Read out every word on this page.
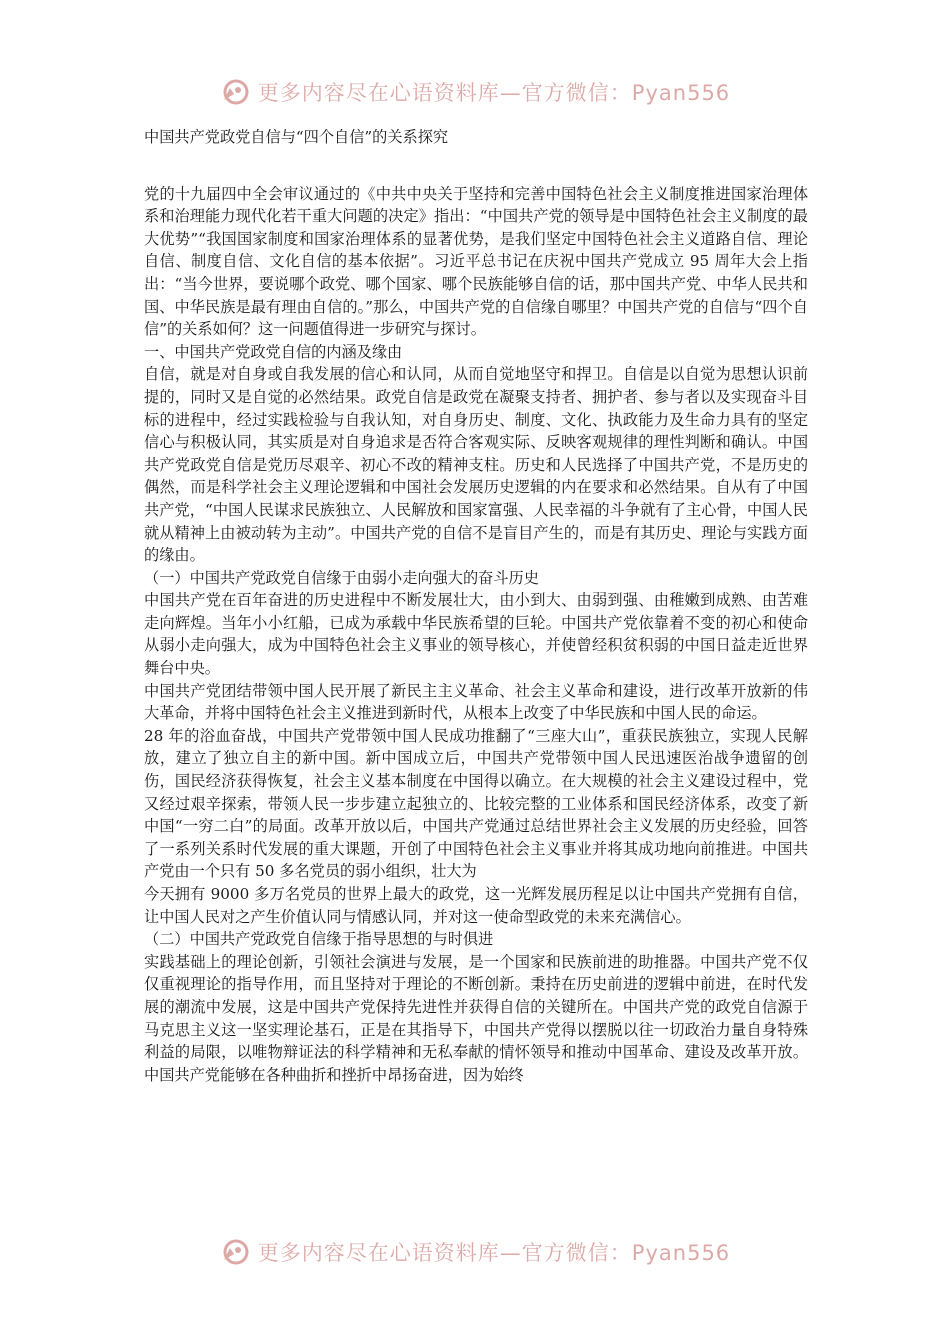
更多内容尽在心语资料库—官方微信：Pyan556

中国共产党政党自信与“四个自信”的关系探究

党的十九届四中全会审议通过的《中共中央关于坚持和完善中国特色社会主义制度推进国家治理体系和治理能力现代化若干重大问题的决定》指出：“中国共产党的领导是中国特色社会主义制度的最大优势”“我国国家制度和国家治理体系的显著优势，是我们坚定中国特色社会主义道路自信、理论自信、制度自信、文化自信的基本依据”。习近平总书记在庆祝中国共产党成立 95 周年大会上指出：“当今世界，要说哪个政党、哪个国家、哪个民族能够自信的话，那中国共产党、中华人民共和国、中华民族是最有理由自信的。”那么，中国共产党的自信缘自哪里？中国共产党的自信与“四个自信”的关系如何？这一问题值得进一步研究与探讨。

一、中国共产党政党自信的内涵及缘由

自信，就是对自身或自我发展的信心和认同，从而自觉地坚守和捍卫。自信是以自觉为思想认识前提的，同时又是自觉的必然结果。政党自信是政党在凝聚支持者、拥护者、参与者以及实现奋斗目标的进程中，经过实践检验与自我认知，对自身历史、制度、文化、执政能力及生命力具有的坚定信心与积极认同，其实质是对自身追求是否符合客观实际、反映客观规律的理性判断和确认。中国共产党政党自信是党历尽艰辛、初心不改的精神支柱。历史和人民选择了中国共产党，不是历史的偶然，而是科学社会主义理论逻辑和中国社会发展历史逻辑的内在要求和必然结果。自从有了中国共产党，“中国人民谋求民族独立、人民解放和国家富强、人民幸福的斗争就有了主心骨，中国人民就从精神上由被动转为主动”。中国共产党的自信不是盲目产生的，而是有其历史、理论与实践方面的缘由。

（一）中国共产党政党自信缘于由弱小走向强大的奋斗历史

中国共产党在百年奋进的历史进程中不断发展壮大，由小到大、由弱到强、由稚嫩到成熟、由苦难走向辉煌。当年小小红船，已成为承载中华民族希望的巨轮。中国共产党依靠着不变的初心和使命从弱小走向强大，成为中国特色社会主义事业的领导核心，并使曾经积贫积弱的中国日益走近世界舞台中央。

中国共产党团结带领中国人民开展了新民主主义革命、社会主义革命和建设，进行改革开放新的伟大革命，并将中国特色社会主义推进到新时代，从根本上改变了中华民族和中国人民的命运。

28 年的浴血奋战，中国共产党带领中国人民成功推翻了“三座大山”，重获民族独立，实现人民解放，建立了独立自主的新中国。新中国成立后，中国共产党带领中国人民迅速医治战争遗留的创伤，国民经济获得恢复，社会主义基本制度在中国得以确立。在大规模的社会主义建设过程中，党又经过艰辛探索，带领人民一步步建立起独立的、比较完整的工业体系和国民经济体系，改变了新中国“一穷二白”的局面。改革开放以后，中国共产党通过总结世界社会主义发展的历史经验，回答了一系列关系时代发展的重大课题，开创了中国特色社会主义事业并将其成功地向前推进。中国共产党由一个只有 50 多名党员的弱小组织，壮大为

今天拥有 9000 多万名党员的世界上最大的政党，这一光辉发展历程足以让中国共产党拥有自信，让中国人民对之产生价值认同与情感认同，并对这一使命型政党的未来充满信心。

（二）中国共产党政党自信缘于指导思想的与时俱进

实践基础上的理论创新，引领社会演进与发展，是一个国家和民族前进的助推器。中国共产党不仅仅重视理论的指导作用，而且坚持对于理论的不断创新。秉持在历史前进的逻辑中前进，在时代发展的潮流中发展，这是中国共产党保持先进性并获得自信的关键所在。中国共产党的政党自信源于马克思主义这一坚实理论基石，正是在其指导下，中国共产党得以摆脱以往一切政治力量自身特殊利益的局限，以唯物辩证法的科学精神和无私奉献的情怀领导和推动中国革命、建设及改革开放。中国共产党能够在各种曲折和挫折中昂扬奋进，因为始终

更多内容尽在心语资料库—官方微信：Pyan556
